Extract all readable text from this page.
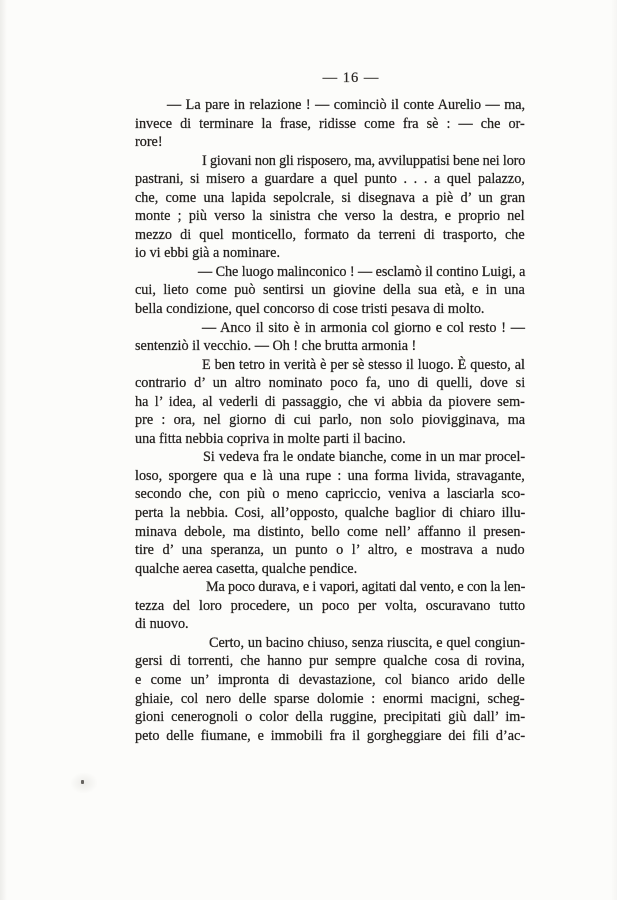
— 16 —
— La pare in relazione ! — cominciò il conte Aurelio — ma,
invece di terminare la frase, ridisse come fra sè : — che or-
rore!
I giovani non gli risposero, ma, avviluppatisi bene nei loro
pastrani, si misero a guardare a quel punto . . . a quel palazzo,
che, come una lapida sepolcrale, si disegnava a piè d’ un gran
monte ; più verso la sinistra che verso la destra, e proprio nel
mezzo di quel monticello, formato da terreni di trasporto, che
io vi ebbi già a nominare.
— Che luogo malinconico ! — esclamò il contino Luigi, a
cui, lieto come può sentirsi un giovine della sua età, e in una
bella condizione, quel concorso di cose tristi pesava di molto.
— Anco il sito è in armonia col giorno e col resto ! —
sentenziò il vecchio. — Oh ! che brutta armonia !
E ben tetro in verità è per sè stesso il luogo. È questo, al
contrario d’ un altro nominato poco fa, uno di quelli, dove si
ha l’ idea, al vederli di passaggio, che vi abbia da piovere sem-
pre : ora, nel giorno di cui parlo, non solo piovigginava, ma
una fitta nebbia copriva in molte parti il bacino.
Si vedeva fra le ondate bianche, come in un mar procel-
loso, sporgere qua e là una rupe : una forma livida, stravagante,
secondo che, con più o meno capriccio, veniva a lasciarla sco-
perta la nebbia. Cosi, all’opposto, qualche baglior di chiaro illu-
minava debole, ma distinto, bello come nell’ affanno il presen-
tire d’ una speranza, un punto o l’ altro, e mostrava a nudo
qualche aerea casetta, qualche pendice.
Ma poco durava, e i vapori, agitati dal vento, e con la len-
tezza del loro procedere, un poco per volta, oscuravano tutto
di nuovo.
Certo, un bacino chiuso, senza riuscita, e quel congiun-
gersi di torrenti, che hanno pur sempre qualche cosa di rovina,
e come un’ impronta di devastazione, col bianco arido delle
ghiaie, col nero delle sparse dolomie : enormi macigni, scheg-
gioni cenerognoli o color della ruggine, precipitati giù dall’ im-
peto delle fiumane, e immobili fra il gorgheggiare dei fili d’ac-
